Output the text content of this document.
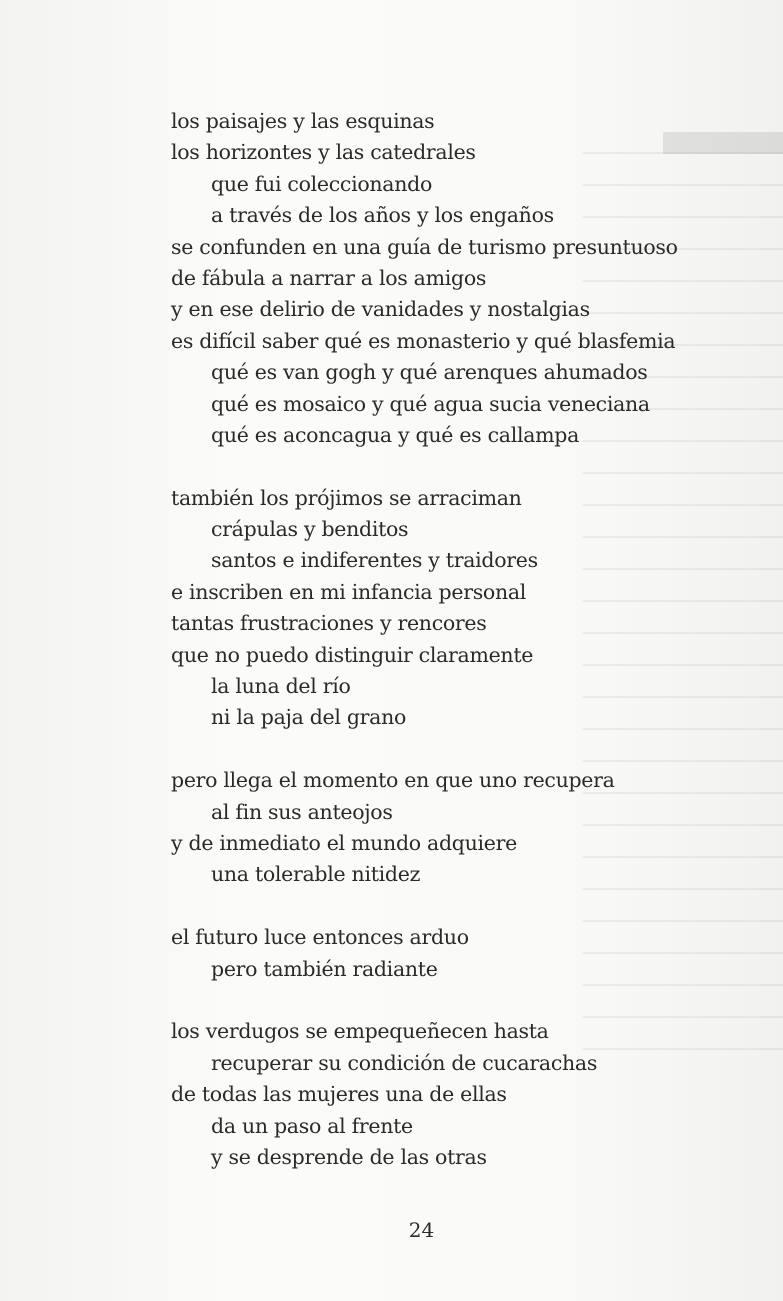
los paisajes y las esquinas
los horizontes y las catedrales
que fui coleccionando
a través de los años y los engaños
se confunden en una guía de turismo presuntuoso
de fábula a narrar a los amigos
y en ese delirio de vanidades y nostalgias
es difícil saber qué es monasterio y qué blasfemia
qué es van gogh y qué arenques ahumados
qué es mosaico y qué agua sucia veneciana
qué es aconcagua y qué es callampa
también los prójimos se arraciman
crápulas y benditos
santos e indiferentes y traidores
e inscriben en mi infancia personal
tantas frustraciones y rencores
que no puedo distinguir claramente
la luna del río
ni la paja del grano
pero llega el momento en que uno recupera
al fin sus anteojos
y de inmediato el mundo adquiere
una tolerable nitidez
el futuro luce entonces arduo
pero también radiante
los verdugos se empequeñecen hasta
recuperar su condición de cucarachas
de todas las mujeres una de ellas
da un paso al frente
y se desprende de las otras
24
